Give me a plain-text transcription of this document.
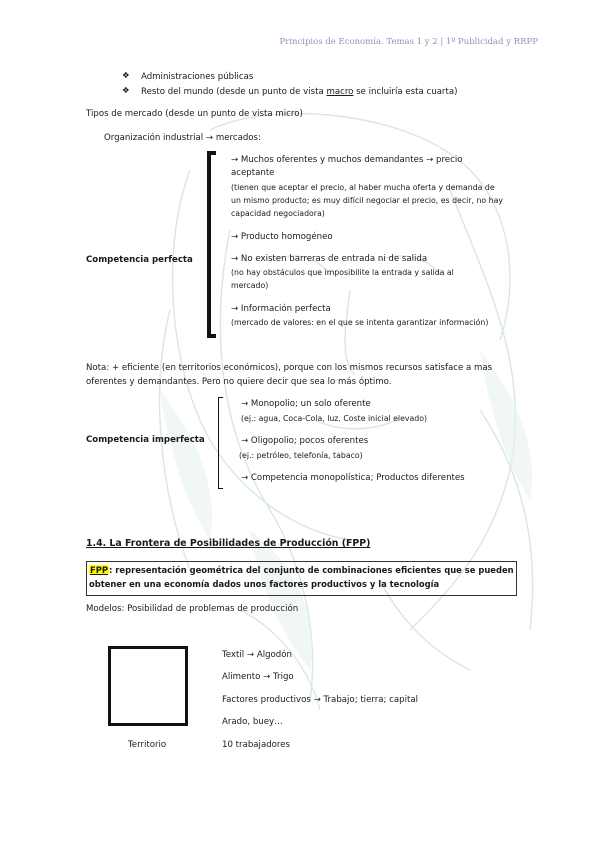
Principios de Economía. Temas 1 y 2 | 1º Publicidad y RRPP
❖ Administraciones públicas
❖ Resto del mundo (desde un punto de vista macro se incluiría esta cuarta)
Tipos de mercado (desde un punto de vista micro)
Organización industrial → mercados:
Competencia perfecta
→ Muchos oferentes y muchos demandantes → precio
aceptante
(tienen que aceptar el precio, al haber mucha oferta y demanda de
un mismo producto; es muy difícil negociar el precio, es decir, no hay
capacidad negociadora)
→ Producto homogéneo
→ No existen barreras de entrada ni de salida
(no hay obstáculos que imposibilite la entrada y salida al
mercado)
→ Información perfecta
(mercado de valores: en el que se intenta garantizar información)
Nota: + eficiente (en territorios económicos), porque con los mismos recursos satisface a mas
oferentes y demandantes. Pero no quiere decir que sea lo más óptimo.
Competencia imperfecta
→ Monopolio; un solo oferente
(ej.: agua, Coca-Cola, luz. Coste inicial elevado)
→ Oligopolio; pocos oferentes
(ej.: petróleo, telefonía, tabaco)
→ Competencia monopolística; Productos diferentes
1.4. La Frontera de Posibilidades de Producción (FPP)
FPP: representación geométrica del conjunto de combinaciones eficientes que se pueden
obtener en una economía dados unos factores productivos y la tecnología
Modelos: Posibilidad de problemas de producción
Territorio
Textil → Algodón
Alimento → Trigo
Factores productivos → Trabajo; tierra; capital
Arado, buey…
10 trabajadores
